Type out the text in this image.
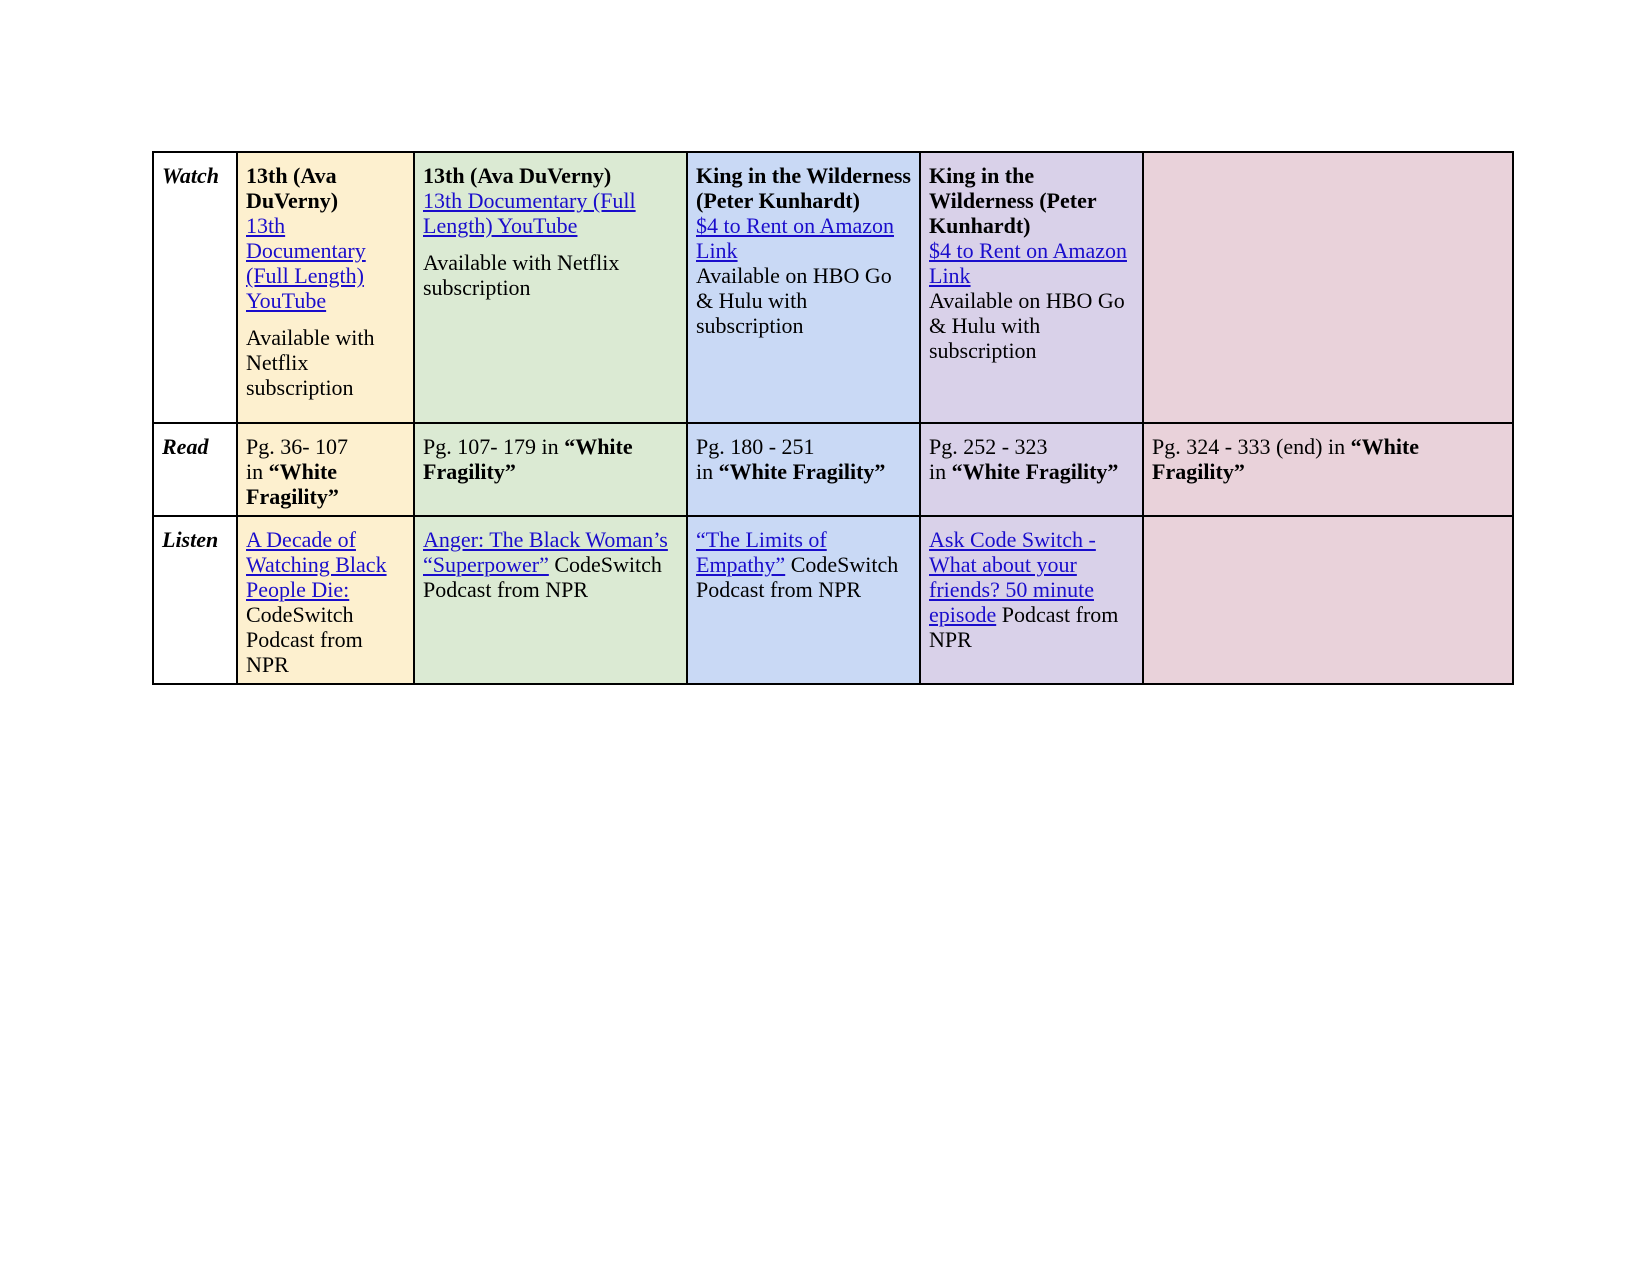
Watch	13th (Ava DuVerny)
13th Documentary (Full Length) YouTube
Available with Netflix subscription	13th (Ava DuVerny)
13th Documentary (Full Length) YouTube
Available with Netflix subscription	King in the Wilderness (Peter Kunhardt)
$4 to Rent on Amazon Link
Available on HBO Go & Hulu with subscription	King in the Wilderness (Peter Kunhardt)
$4 to Rent on Amazon Link
Available on HBO Go & Hulu with subscription	

Read	Pg. 36- 107
in “White Fragility”	Pg. 107- 179 in “White Fragility”	Pg. 180 - 251
in “White Fragility”	Pg. 252 - 323
in “White Fragility”	Pg. 324 - 333 (end) in “White Fragility”
Listen	A Decade of Watching Black People Die: CodeSwitch Podcast from NPR	Anger: The Black Woman’s “Superpower” CodeSwitch Podcast from NPR	“The Limits of Empathy” CodeSwitch Podcast from NPR	Ask Code Switch - What about your friends? 50 minute episode Podcast from NPR	
